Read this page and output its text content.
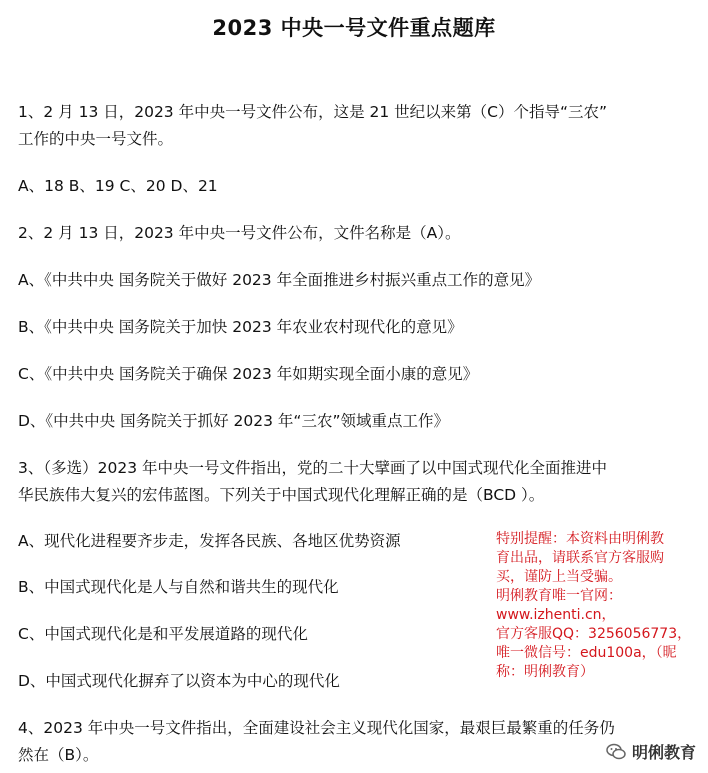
2023 中央一号文件重点题库
1、2 月 13 日，2023 年中央一号文件公布，这是 21 世纪以来第（C）个指导“三农”
工作的中央一号文件。
A、18 B、19 C、20 D、21
2、2 月 13 日，2023 年中央一号文件公布，文件名称是（A）。
A、《中共中央 国务院关于做好 2023 年全面推进乡村振兴重点工作的意见》
B、《中共中央 国务院关于加快 2023 年农业农村现代化的意见》
C、《中共中央 国务院关于确保 2023 年如期实现全面小康的意见》
D、《中共中央 国务院关于抓好 2023 年“三农”领域重点工作》
3、（多选）2023 年中央一号文件指出，党的二十大擘画了以中国式现代化全面推进中
华民族伟大复兴的宏伟蓝图。下列关于中国式现代化理解正确的是（BCD ）。
A、现代化进程要齐步走，发挥各民族、各地区优势资源
B、中国式现代化是人与自然和谐共生的现代化
C、中国式现代化是和平发展道路的现代化
D、中国式现代化摒弃了以资本为中心的现代化
4、2023 年中央一号文件指出，全面建设社会主义现代化国家，最艰巨最繁重的任务仍
然在（B）。
特别提醒：本资料由明俐教
育出品，请联系官方客服购
买，谨防上当受骗。
明俐教育唯一官网：
www.izhenti.cn，
官方客服QQ：3256056773，
唯一微信号：edu100a，（昵
称：明俐教育）
明俐教育
